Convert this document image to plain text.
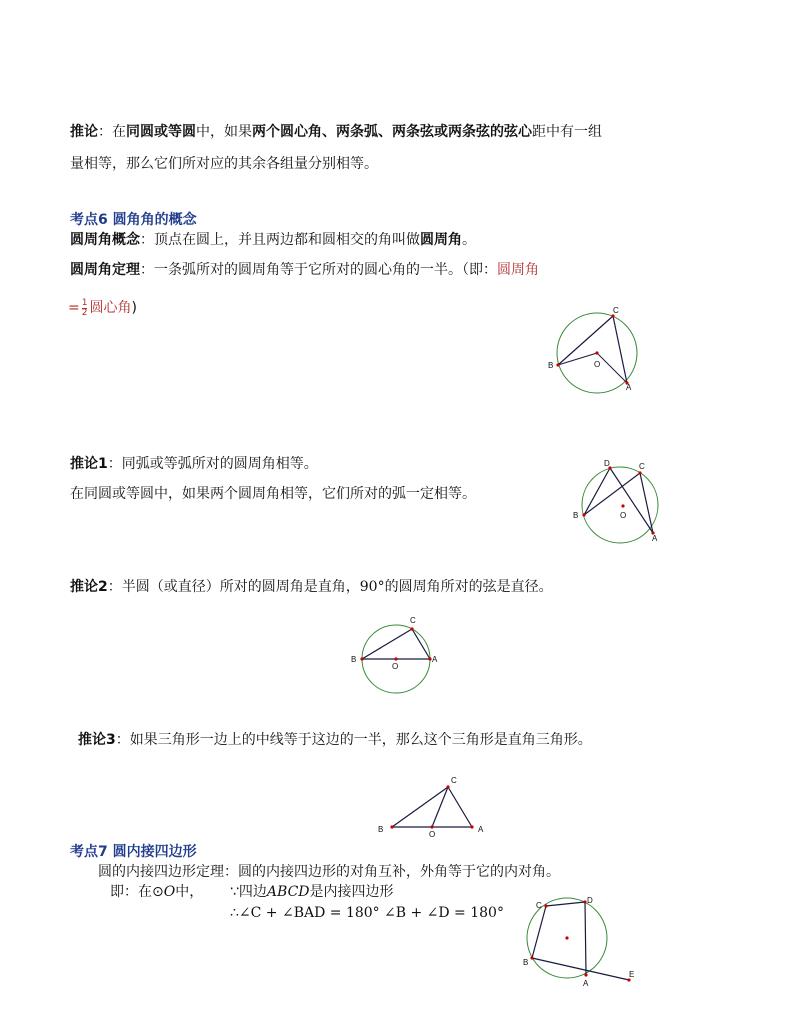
推论：在同圆或等圆中，如果两个圆心角、两条弧、两条弦或两条弦的弦心距中有一组
量相等，那么它们所对应的其余各组量分别相等。
考点6 圆角角的概念
圆周角概念：顶点在圆上，并且两边都和圆相交的角叫做圆周角。
圆周角定理：一条弧所对的圆周角等于它所对的圆心角的一半。（即：圆周角
= $\frac{1}{2}$ 圆心角)	C
B	O
A
推论1：同弧或等弧所对的圆周角相等。
在同圆或等圆中，如果两个圆周角相等，它们所对的弧一定相等。
D	C
B	O
A
推论2：半圆（或直径）所对的圆周角是直角，90°的圆周角所对的弦是直径。
C
B
O
A
推论3：如果三角形一边上的中线等于这边的一半，那么这个三角形是直角三角形。
C
B
O
A
考点7 圆内接四边形
圆的内接四边形定理：圆的内接四边形的对角互补，外角等于它的内对角。
即：在⊙O中， ∵四边ABCD是内接四边形
∴∠C + ∠BAD = 180° ∠B + ∠D = 180°	C
D
B
A
E
